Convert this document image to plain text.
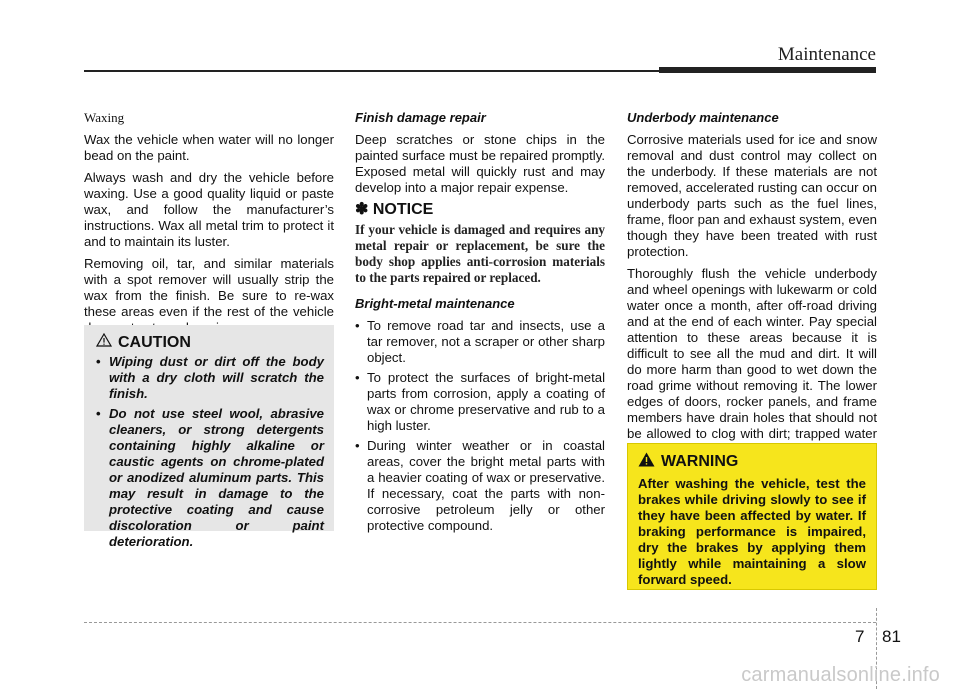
Maintenance
Waxing

Wax the vehicle when water will no longer bead on the paint.

Always wash and dry the vehicle before waxing. Use a good quality liquid or paste wax, and follow the manufacturer’s instructions. Wax all metal trim to protect it and to maintain its luster.

Removing oil, tar, and similar materials with a spot remover will usually strip the wax from the finish. Be sure to re-wax these areas even if the rest of the vehicle

CAUTION
• Wiping dust or dirt off the body with a dry cloth will scratch the finish.
• Do not use steel wool, abrasive cleaners, or strong detergents containing highly alkaline or caustic agents on chrome-plated or anodized aluminum parts. This may result in damage to the protective coating and cause discoloration or paint deterioration.
Finish damage repair

Deep scratches or stone chips in the painted surface must be repaired promptly. Exposed metal will quickly rust and may develop into a major repair expense.

✽ NOTICE
If your vehicle is damaged and requires any metal repair or replacement, be sure the body shop applies anti-corrosion materials to the parts repaired or replaced.
Bright-metal maintenance
• To remove road tar and insects, use a tar remover, not a scraper or other sharp object.
• To protect the surfaces of bright-metal parts from corrosion, apply a coating of wax or chrome preservative and rub to a high luster.
• During winter weather or in coastal areas, cover the bright metal parts with a heavier coating of wax or preservative. If necessary, coat the parts with non-corrosive petroleum jelly or other protective compound.
Underbody maintenance

Corrosive materials used for ice and snow removal and dust control may collect on the underbody. If these materials are not removed, accelerated rusting can occur on underbody parts such as the fuel lines, frame, floor pan and exhaust system, even though they have been treated with rust protection.

Thoroughly flush the vehicle underbody and wheel openings with lukewarm or cold water once a month, after off-road driving and at the end of each winter. Pay special attention to these areas because it is difficult to see all the mud and dirt. It will do more harm than good to wet down the road grime without removing it. The lower edges of doors, rocker panels, and frame members have drain holes that should not be allowed to clog with dirt; trapped water

WARNING
After washing the vehicle, test the brakes while driving slowly to see if they have been affected by water. If braking performance is impaired, dry the brakes by applying them lightly while maintaining a slow forward speed.
7 81
carmanualsonline.info
